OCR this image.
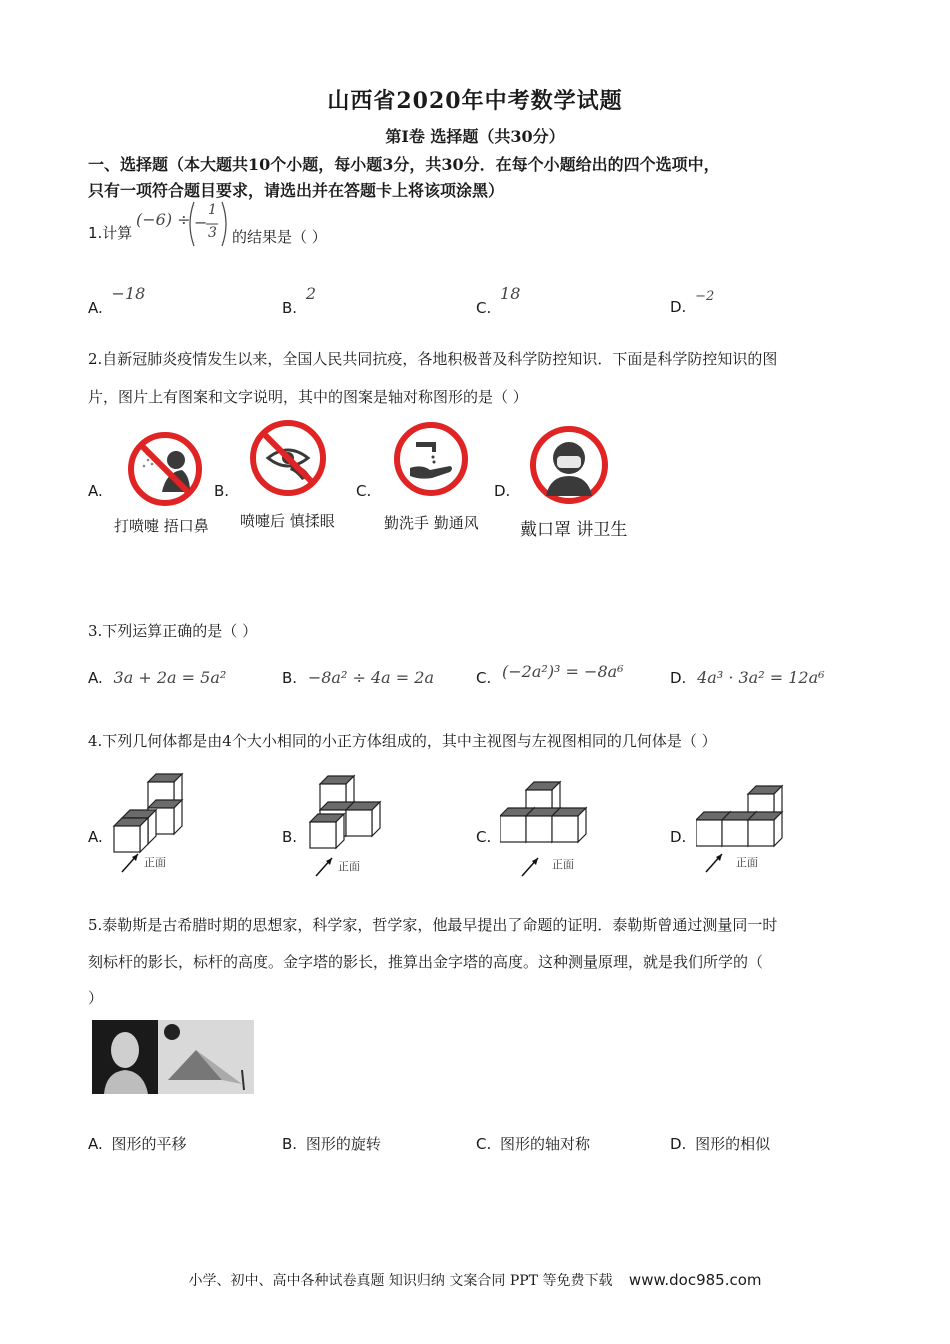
山西省2020年中考数学试题
第I卷 选择题（共30分）
一、选择题（本大题共10个小题，每小题3分，共30分．在每个小题给出的四个选项中，
只有一项符合题目要求，请选出并在答题卡上将该项涂黑）
1.计算
(−6) ÷ −
1
3 的结果是（ ）
A. −18
B. 2
C. 18
D. −2
2.自新冠肺炎疫情发生以来，全国人民共同抗疫，各地积极普及科学防控知识．下面是科学防控知识的图
片，图片上有图案和文字说明，其中的图案是轴对称图形的是（ ）
A.
打喷嚏 捂口鼻
B.
喷嚏后 慎揉眼
C.
勤洗手 勤通风
D.
戴口罩 讲卫生
3.下列运算正确的是（ ）
A. 3a + 2a = 5a²	B. −8a² ÷ 4a = 2a	C. (−2a²)³ = −8a⁶	D. 4a³ · 3a² = 12a⁶
4.下列几何体都是由4个大小相同的小正方体组成的，其中主视图与左视图相同的几何体是（ ）
A.
正面
B.
正面
C.
正面
D.
正面
5.泰勒斯是古希腊时期的思想家，科学家，哲学家，他最早提出了命题的证明．泰勒斯曾通过测量同一时
刻标杆的影长，标杆的高度。金字塔的影长，推算出金字塔的高度。这种测量原理，就是我们所学的（
）
A. 图形的平移	B. 图形的旋转	C. 图形的轴对称	D. 图形的相似
小学、初中、高中各种试卷真题 知识归纳 文案合同 PPT 等免费下载 www.doc985.com
